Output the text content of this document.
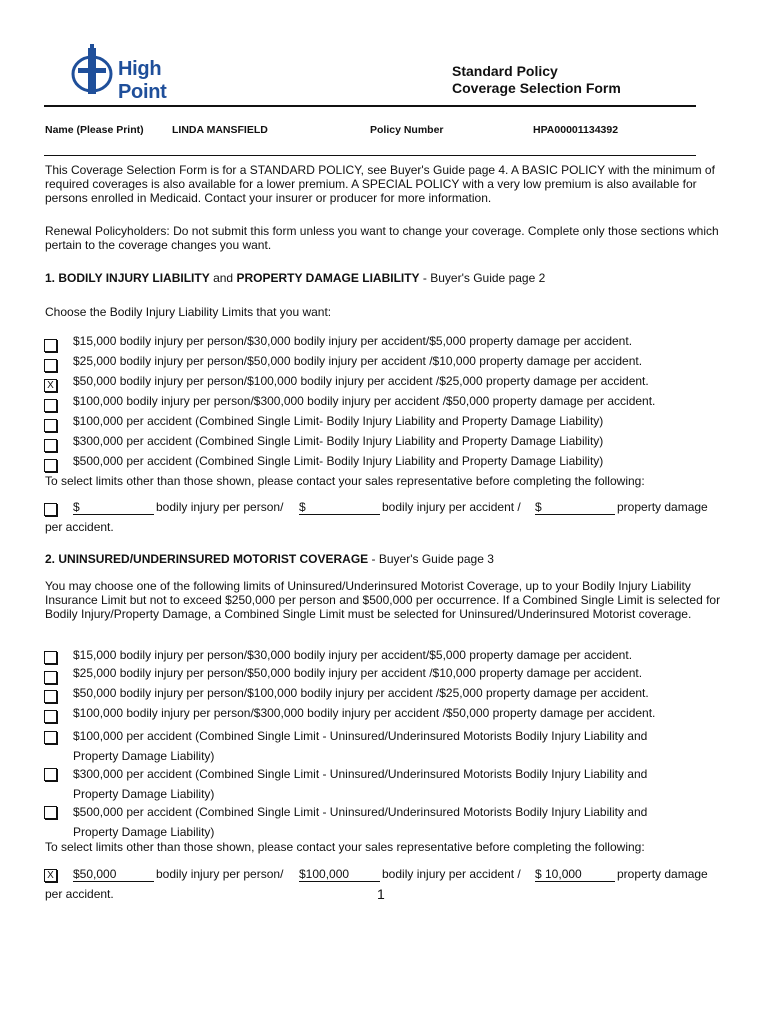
High Point
Standard Policy
Coverage Selection Form
Name (Please Print)	LINDA MANSFIELD	Policy Number	HPA00001134392
This Coverage Selection Form is for a STANDARD POLICY, see Buyer's Guide page 4. A BASIC POLICY with the minimum of required coverages is also available for a lower premium. A SPECIAL POLICY with a very low premium is also available for persons enrolled in Medicaid. Contact your insurer or producer for more information.
Renewal Policyholders: Do not submit this form unless you want to change your coverage. Complete only those sections which pertain to the coverage changes you want.
1. BODILY INJURY LIABILITY and PROPERTY DAMAGE LIABILITY - Buyer's Guide page 2
Choose the Bodily Injury Liability Limits that you want:
$15,000 bodily injury per person/$30,000 bodily injury per accident/$5,000 property damage per accident.
$25,000 bodily injury per person/$50,000 bodily injury per accident /$10,000 property damage per accident.
X $50,000 bodily injury per person/$100,000 bodily injury per accident /$25,000 property damage per accident.
$100,000 bodily injury per person/$300,000 bodily injury per accident /$50,000 property damage per accident.
$100,000 per accident (Combined Single Limit- Bodily Injury Liability and Property Damage Liability)
$300,000 per accident (Combined Single Limit- Bodily Injury Liability and Property Damage Liability)
$500,000 per accident (Combined Single Limit- Bodily Injury Liability and Property Damage Liability)
To select limits other than those shown, please contact your sales representative before completing the following:
$	bodily injury per person/ $	bodily injury per accident / $	property damage
per accident.
2. UNINSURED/UNDERINSURED MOTORIST COVERAGE - Buyer's Guide page 3
You may choose one of the following limits of Uninsured/Underinsured Motorist Coverage, up to your Bodily Injury Liability Insurance Limit but not to exceed $250,000 per person and $500,000 per occurrence. If a Combined Single Limit is selected for Bodily Injury/Property Damage, a Combined Single Limit must be selected for Uninsured/Underinsured Motorist coverage.
$15,000 bodily injury per person/$30,000 bodily injury per accident/$5,000 property damage per accident.
$25,000 bodily injury per person/$50,000 bodily injury per accident /$10,000 property damage per accident.
$50,000 bodily injury per person/$100,000 bodily injury per accident /$25,000 property damage per accident.
$100,000 bodily injury per person/$300,000 bodily injury per accident /$50,000 property damage per accident.
$100,000 per accident (Combined Single Limit - Uninsured/Underinsured Motorists Bodily Injury Liability and Property Damage Liability)
$300,000 per accident (Combined Single Limit - Uninsured/Underinsured Motorists Bodily Injury Liability and Property Damage Liability)
$500,000 per accident (Combined Single Limit - Uninsured/Underinsured Motorists Bodily Injury Liability and Property Damage Liability)
To select limits other than those shown, please contact your sales representative before completing the following:
X $50,000	bodily injury per person/ $100,000	bodily injury per accident / $ 10,000	property damage
per accident.	1
